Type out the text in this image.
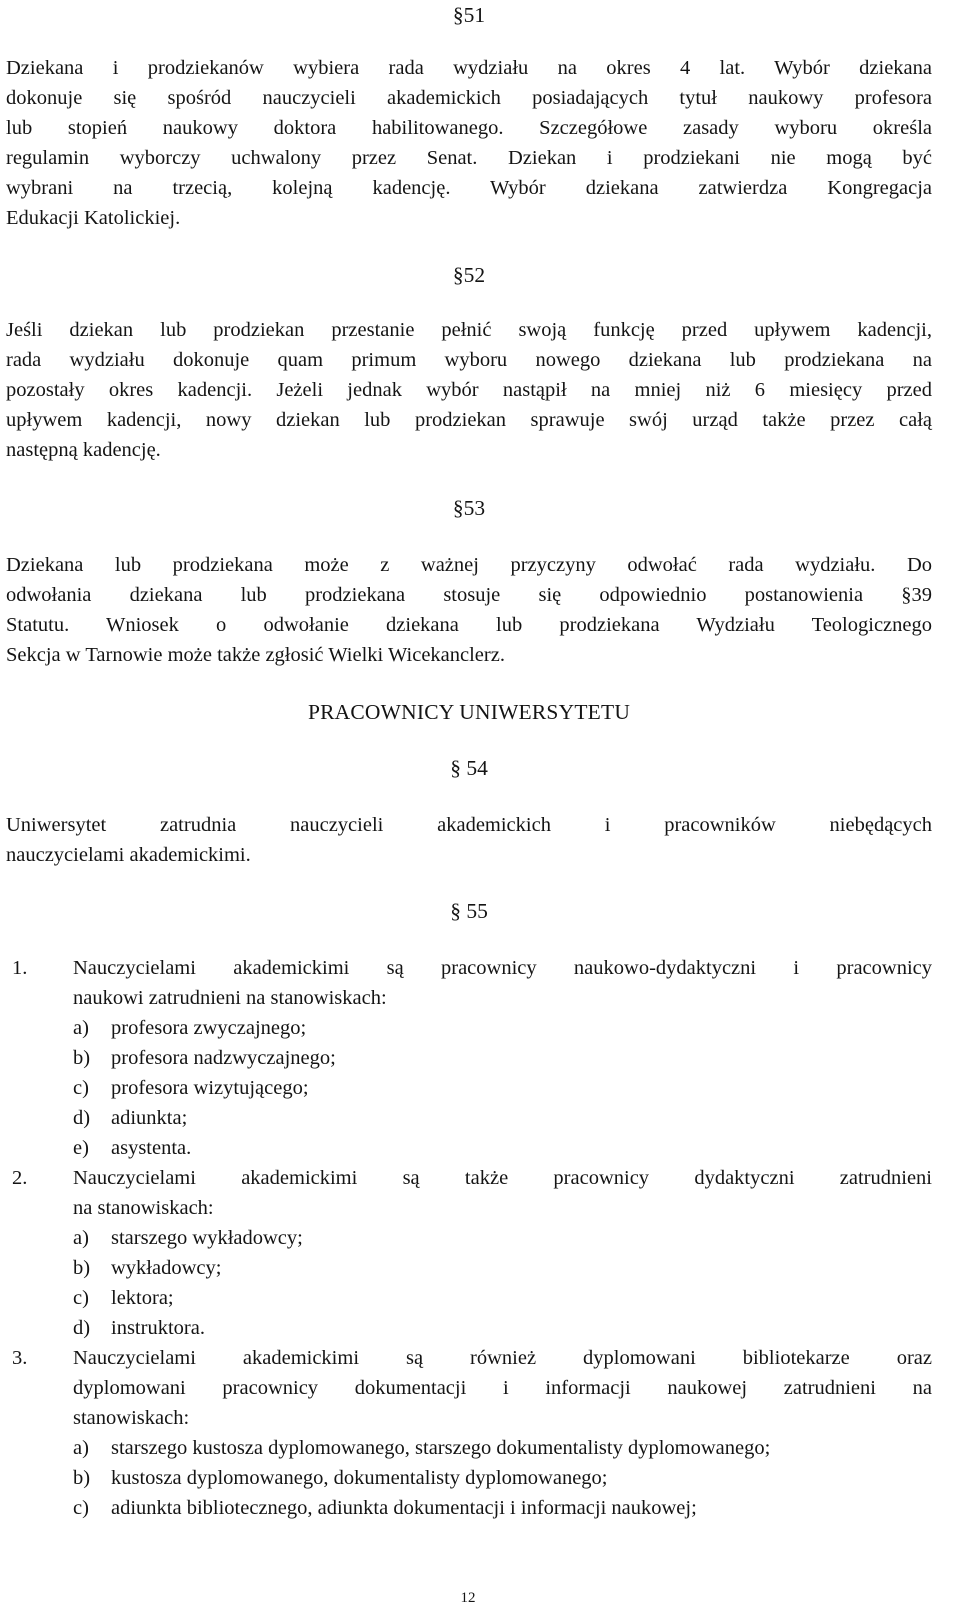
§51
Dziekana i prodziekanów wybiera rada wydziału na okres 4 lat. Wybór dziekana
dokonuje się spośród nauczycieli akademickich posiadających tytuł naukowy profesora
lub stopień naukowy doktora habilitowanego. Szczegółowe zasady wyboru określa
regulamin wyborczy uchwalony przez Senat. Dziekan i prodziekani nie mogą być
wybrani na trzecią, kolejną kadencję. Wybór dziekana zatwierdza Kongregacja
Edukacji Katolickiej.
§52
Jeśli dziekan lub prodziekan przestanie pełnić swoją funkcję przed upływem kadencji,
rada wydziału dokonuje quam primum wyboru nowego dziekana lub prodziekana na
pozostały okres kadencji. Jeżeli jednak wybór nastąpił na mniej niż 6 miesięcy przed
upływem kadencji, nowy dziekan lub prodziekan sprawuje swój urząd także przez całą
następną kadencję.
§53
Dziekana lub prodziekana może z ważnej przyczyny odwołać rada wydziału. Do
odwołania dziekana lub prodziekana stosuje się odpowiednio postanowienia §39
Statutu. Wniosek o odwołanie dziekana lub prodziekana Wydziału Teologicznego
Sekcja w Tarnowie może także zgłosić Wielki Wicekanclerz.
PRACOWNICY UNIWERSYTETU
§ 54
Uniwersytet zatrudnia nauczycieli akademickich i pracowników niebędących
nauczycielami akademickimi.
§ 55
1.	Nauczycielami akademickimi są pracownicy naukowo-dydaktyczni i pracownicy
naukowi zatrudnieni na stanowiskach:
a) profesora zwyczajnego;
b) profesora nadzwyczajnego;
c) profesora wizytującego;
d) adiunkta;
e) asystenta.
2.	Nauczycielami akademickimi są także pracownicy dydaktyczni zatrudnieni
na stanowiskach:
a) starszego wykładowcy;
b) wykładowcy;
c) lektora;
d) instruktora.
3.	Nauczycielami akademickimi są również dyplomowani bibliotekarze oraz
dyplomowani pracownicy dokumentacji i informacji naukowej zatrudnieni na
stanowiskach:
a) starszego kustosza dyplomowanego, starszego dokumentalisty dyplomowanego;
b) kustosza dyplomowanego, dokumentalisty dyplomowanego;
c) adiunkta bibliotecznego, adiunkta dokumentacji i informacji naukowej;
12
